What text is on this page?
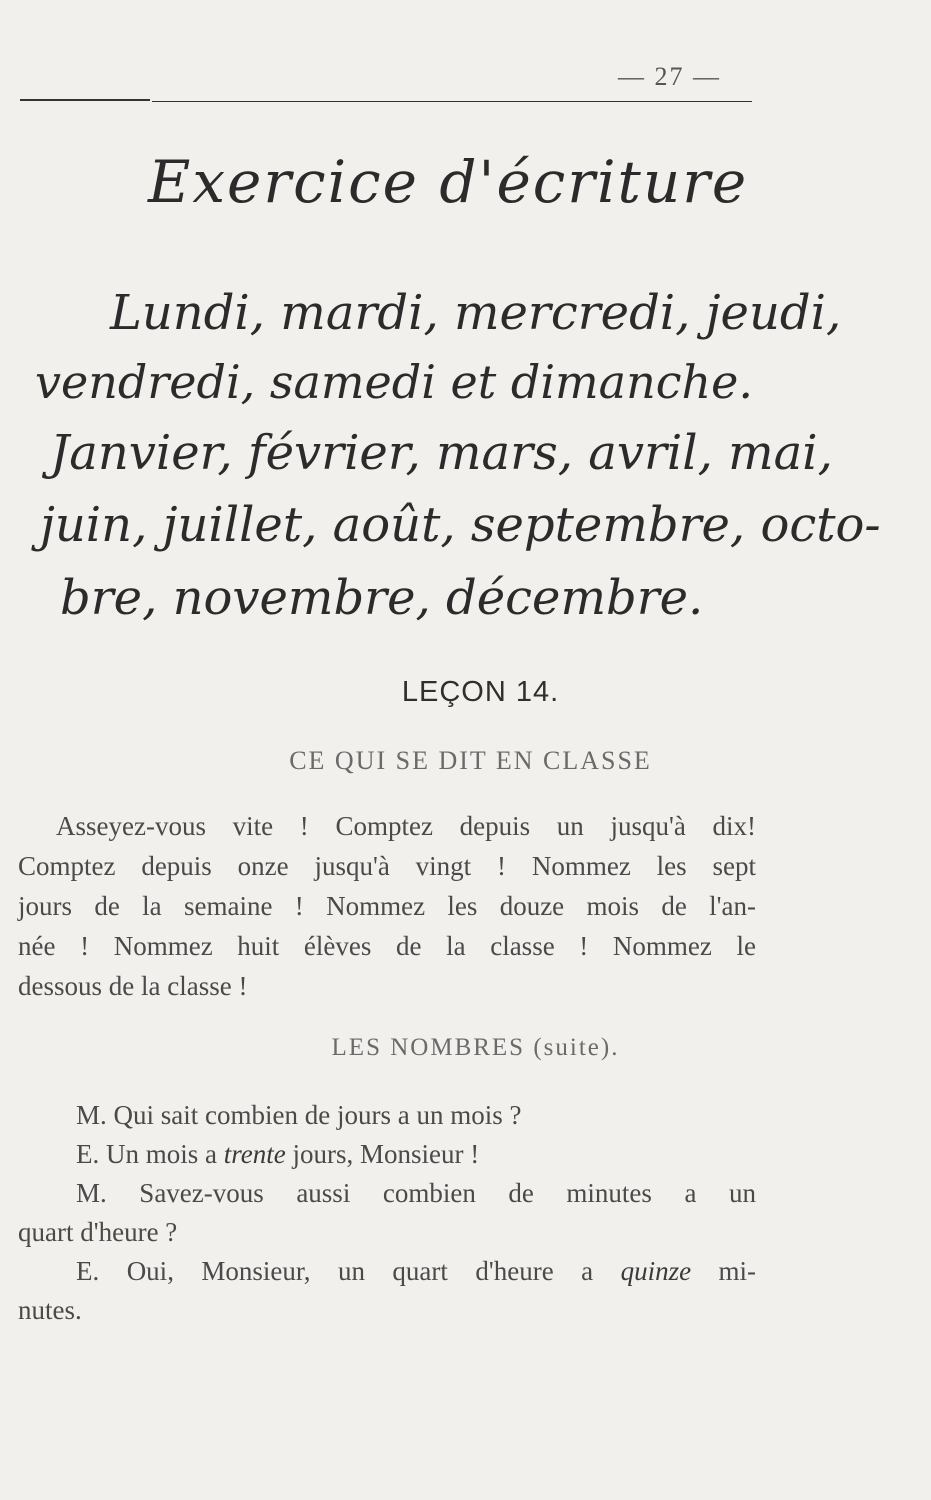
— 27 —
Exercice d'écriture
Lundi, mardi, mercredi, jeudi,
vendredi, samedi et dimanche.
Janvier, février, mars, avril, mai,
juin, juillet, août, septembre, octo-
bre, novembre, décembre.
LEÇON 14.
CE QUI SE DIT EN CLASSE
Asseyez-vous vite ! Comptez depuis un jusqu'à dix!
Comptez depuis onze jusqu'à vingt ! Nommez les sept
jours de la semaine ! Nommez les douze mois de l'an-
née ! Nommez huit élèves de la classe ! Nommez le
dessous de la classe !
LES NOMBRES (suite).
M. Qui sait combien de jours a un mois ?
E. Un mois a trente jours, Monsieur !
M. Savez-vous aussi combien de minutes a un
quart d'heure ?
E. Oui, Monsieur, un quart d'heure a quinze mi-
nutes.
